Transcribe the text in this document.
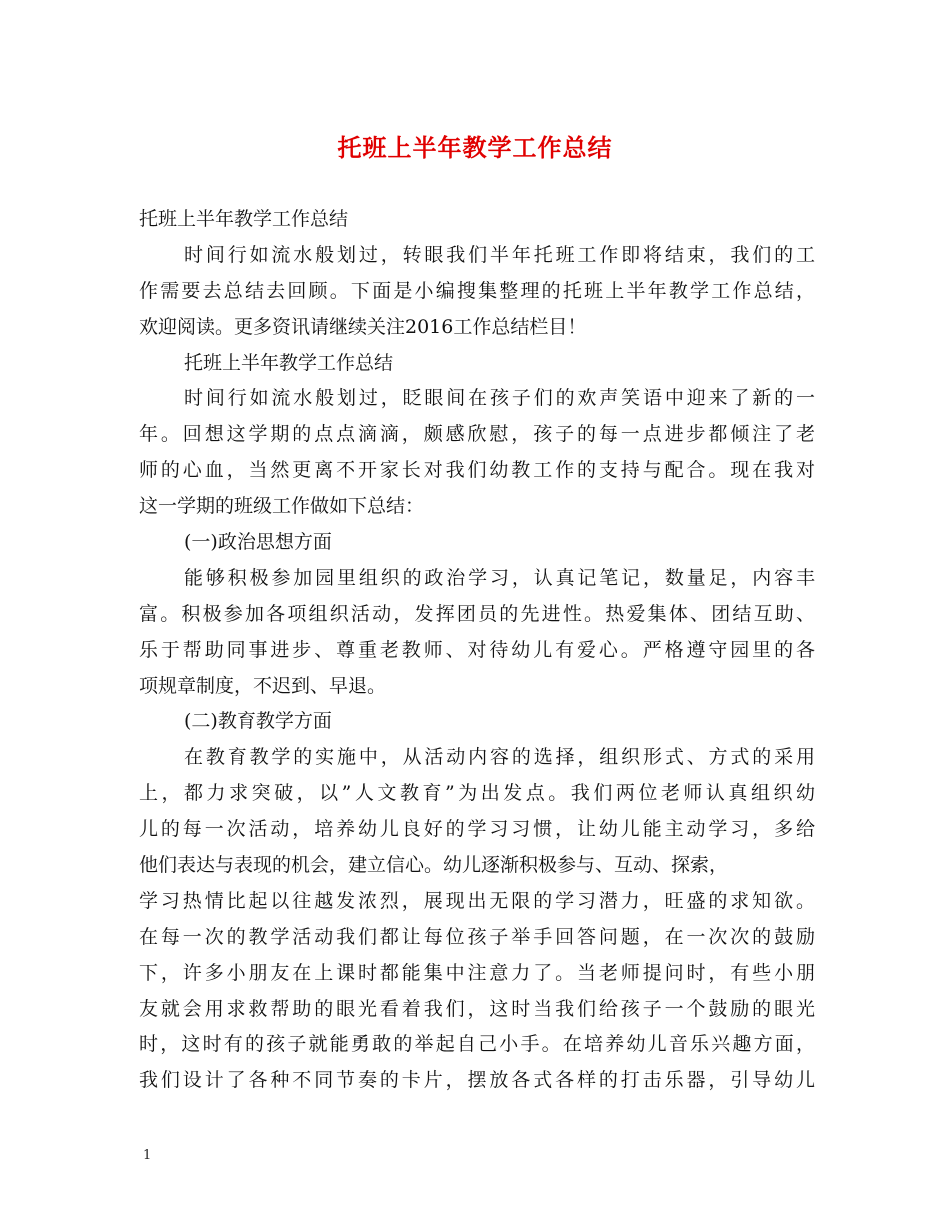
托班上半年教学工作总结
托班上半年教学工作总结
时间行如流水般划过，转眼我们半年托班工作即将结束，我们的工
作需要去总结去回顾。下面是小编搜集整理的托班上半年教学工作总结，
欢迎阅读。更多资讯请继续关注2016工作总结栏目！
托班上半年教学工作总结
时间行如流水般划过，眨眼间在孩子们的欢声笑语中迎来了新的一
年。回想这学期的点点滴滴，颇感欣慰，孩子的每一点进步都倾注了老
师的心血，当然更离不开家长对我们幼教工作的支持与配合。现在我对
这一学期的班级工作做如下总结：
(一)政治思想方面
能够积极参加园里组织的政治学习，认真记笔记，数量足，内容丰
富。积极参加各项组织活动，发挥团员的先进性。热爱集体、团结互助、
乐于帮助同事进步、尊重老教师、对待幼儿有爱心。严格遵守园里的各
项规章制度，不迟到、早退。
(二)教育教学方面
在教育教学的实施中，从活动内容的选择，组织形式、方式的采用
上，都力求突破，以”人文教育”为出发点。我们两位老师认真组织幼
儿的每一次活动，培养幼儿良好的学习习惯，让幼儿能主动学习，多给
他们表达与表现的机会，建立信心。幼儿逐渐积极参与、互动、探索，
学习热情比起以往越发浓烈，展现出无限的学习潜力，旺盛的求知欲。
在每一次的教学活动我们都让每位孩子举手回答问题，在一次次的鼓励
下，许多小朋友在上课时都能集中注意力了。当老师提问时，有些小朋
友就会用求救帮助的眼光看着我们，这时当我们给孩子一个鼓励的眼光
时，这时有的孩子就能勇敢的举起自己小手。在培养幼儿音乐兴趣方面，
我们设计了各种不同节奏的卡片，摆放各式各样的打击乐器，引导幼儿
1
